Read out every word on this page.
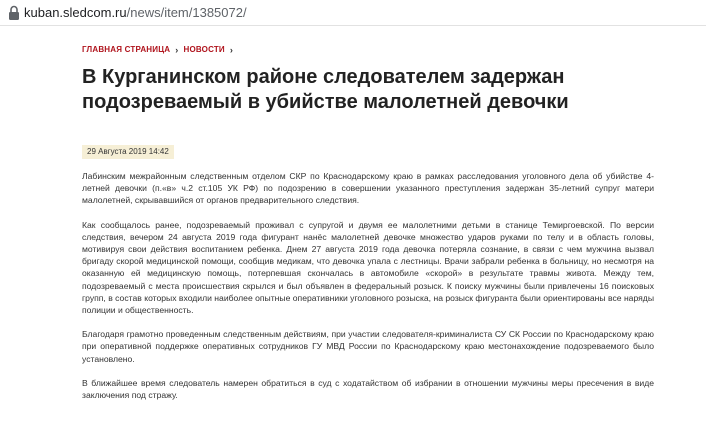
kuban.sledcom.ru/news/item/1385072/
ГЛАВНАЯ СТРАНИЦА › НОВОСТИ ›
В Курганинском районе следователем задержан подозреваемый в убийстве малолетней девочки
29 Августа 2019 14:42

Лабинским межрайонным следственным отделом СКР по Краснодарскому краю в рамках расследования уголовного дела об убийстве 4-летней девочки (п.«в» ч.2 ст.105 УК РФ) по подозрению в совершении указанного преступления задержан 35-летний супруг матери малолетней, скрывавшийся от органов предварительного следствия.

Как сообщалось ранее, подозреваемый проживал с супругой и двумя ее малолетними детьми в станице Темиргоевской. По версии следствия, вечером 24 августа 2019 года фигурант нанёс малолетней девочке множество ударов руками по телу и в область головы, мотивируя свои действия воспитанием ребенка. Днем 27 августа 2019 года девочка потеряла сознание, в связи с чем мужчина вызвал бригаду скорой медицинской помощи, сообщив медикам, что девочка упала с лестницы. Врачи забрали ребенка в больницу, но несмотря на оказанную ей медицинскую помощь, потерпевшая скончалась в автомобиле «скорой» в результате травмы живота. Между тем, подозреваемый с места происшествия скрылся и был объявлен в федеральный розыск. К поиску мужчины были привлечены 16 поисковых групп, в состав которых входили наиболее опытные оперативники уголовного розыска, на розыск фигуранта были ориентированы все наряды полиции и общественность.

Благодаря грамотно проведенным следственным действиям, при участии следователя-криминалиста СУ СК России по Краснодарскому краю при оперативной поддержке оперативных сотрудников ГУ МВД России по Краснодарскому краю местонахождение подозреваемого было установлено.

В ближайшее время следователь намерен обратиться в суд с ходатайством об избрании в отношении мужчины меры пресечения в виде заключения под стражу.
